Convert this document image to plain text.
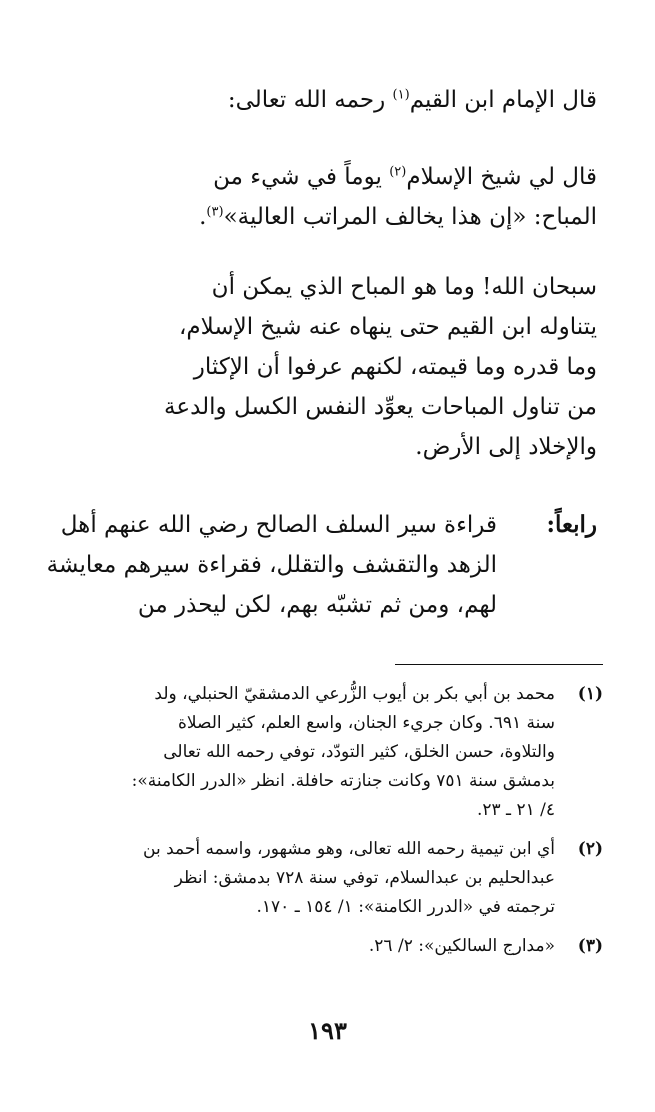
قال الإمام ابن القيم$^{(١)}$ رحمه الله تعالى:
قال لي شيخ الإسلام$^{(٢)}$ يوماً في شيء من
المباح: «إن هذا يخالف المراتب العالية»$^{(٣)}$.
سبحان الله! وما هو المباح الذي يمكن أن
يتناوله ابن القيم حتى ينهاه عنه شيخ الإسلام،
وما قدره وما قيمته، لكنهم عرفوا أن الإكثار
من تناول المباحات يعوِّد النفس الكسل والدعة
والإخلاد إلى الأرض.
رابعاً:
قراءة سير السلف الصالح رضي الله عنهم أهل
الزهد والتقشف والتقلل، فقراءة سيرهم معايشة
لهم، ومن ثم تشبّه بهم، لكن ليحذر من
(١)
محمد بن أبي بكر بن أيوب الزُّرعي الدمشقيّ الحنبلي، ولد
سنة ٦٩١. وكان جريء الجنان، واسع العلم، كثير الصلاة
والتلاوة، حسن الخلق، كثير التودّد، توفي رحمه الله تعالى
بدمشق سنة ٧٥١ وكانت جنازته حافلة. انظر «الدرر الكامنة»:
٤/ ٢١ ـ ٢٣.
(٢)
أي ابن تيمية رحمه الله تعالى، وهو مشهور، واسمه أحمد بن
عبدالحليم بن عبدالسلام، توفي سنة ٧٢٨ بدمشق: انظر
ترجمته في «الدرر الكامنة»: ١/ ١٥٤ ـ ١٧٠.
(٣)
«مدارج السالكين»: ٢/ ٢٦.
١٩٣
